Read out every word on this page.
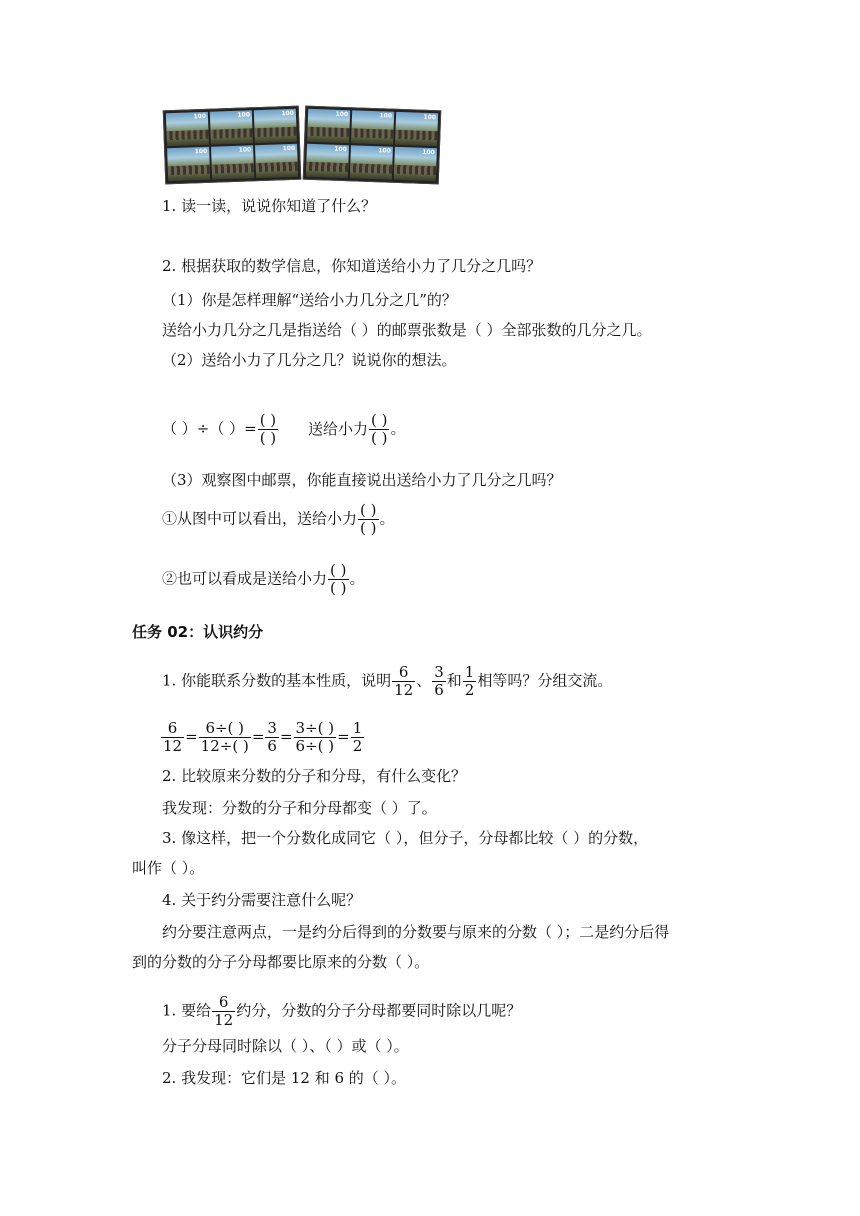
100	100	100
100	100	100
100	100	100
100	100	100
1. 读一读，说说你知道了什么？
2. 根据获取的数学信息，你知道送给小力了几分之几吗？
（1）你是怎样理解“送给小力几分之几”的？
送给小力几分之几是指送给（ ）的邮票张数是（ ）全部张数的几分之几。
（2）送给小力了几分之几？说说你的想法。
（ ）÷（ ）= $\frac{( )}{( )}$ 送给小力 $\frac{( )}{( )}$ 。
（3）观察图中邮票，你能直接说出送给小力了几分之几吗？
①从图中可以看出，送给小力 $\frac{( )}{( )}$ 。
②也可以看成是送给小力 $\frac{( )}{( )}$ 。
任务 02：认识约分
1. 你能联系分数的基本性质，说明 $\frac{6}{12}$ 、 $\frac{3}{6}$ 和 $\frac{1}{2}$ 相等吗？分组交流。
$\frac{6}{12} = \frac{6\div( )}{12\div( )} = \frac{3}{6} = \frac{3\div( )}{6\div( )} = \frac{1}{2}$
2. 比较原来分数的分子和分母，有什么变化？
我发现：分数的分子和分母都变（ ）了。
3. 像这样，把一个分数化成同它（ ），但分子，分母都比较（ ）的分数，
叫作（ ）。
4. 关于约分需要注意什么呢？
约分要注意两点，一是约分后得到的分数要与原来的分数（ ）；二是约分后得
到的分数的分子分母都要比原来的分数（ ）。
1. 要给 $\frac{6}{12}$ 约分，分数的分子分母都要同时除以几呢？
分子分母同时除以（ ）、（ ）或（ ）。
2. 我发现：它们是 12 和 6 的（ ）。
